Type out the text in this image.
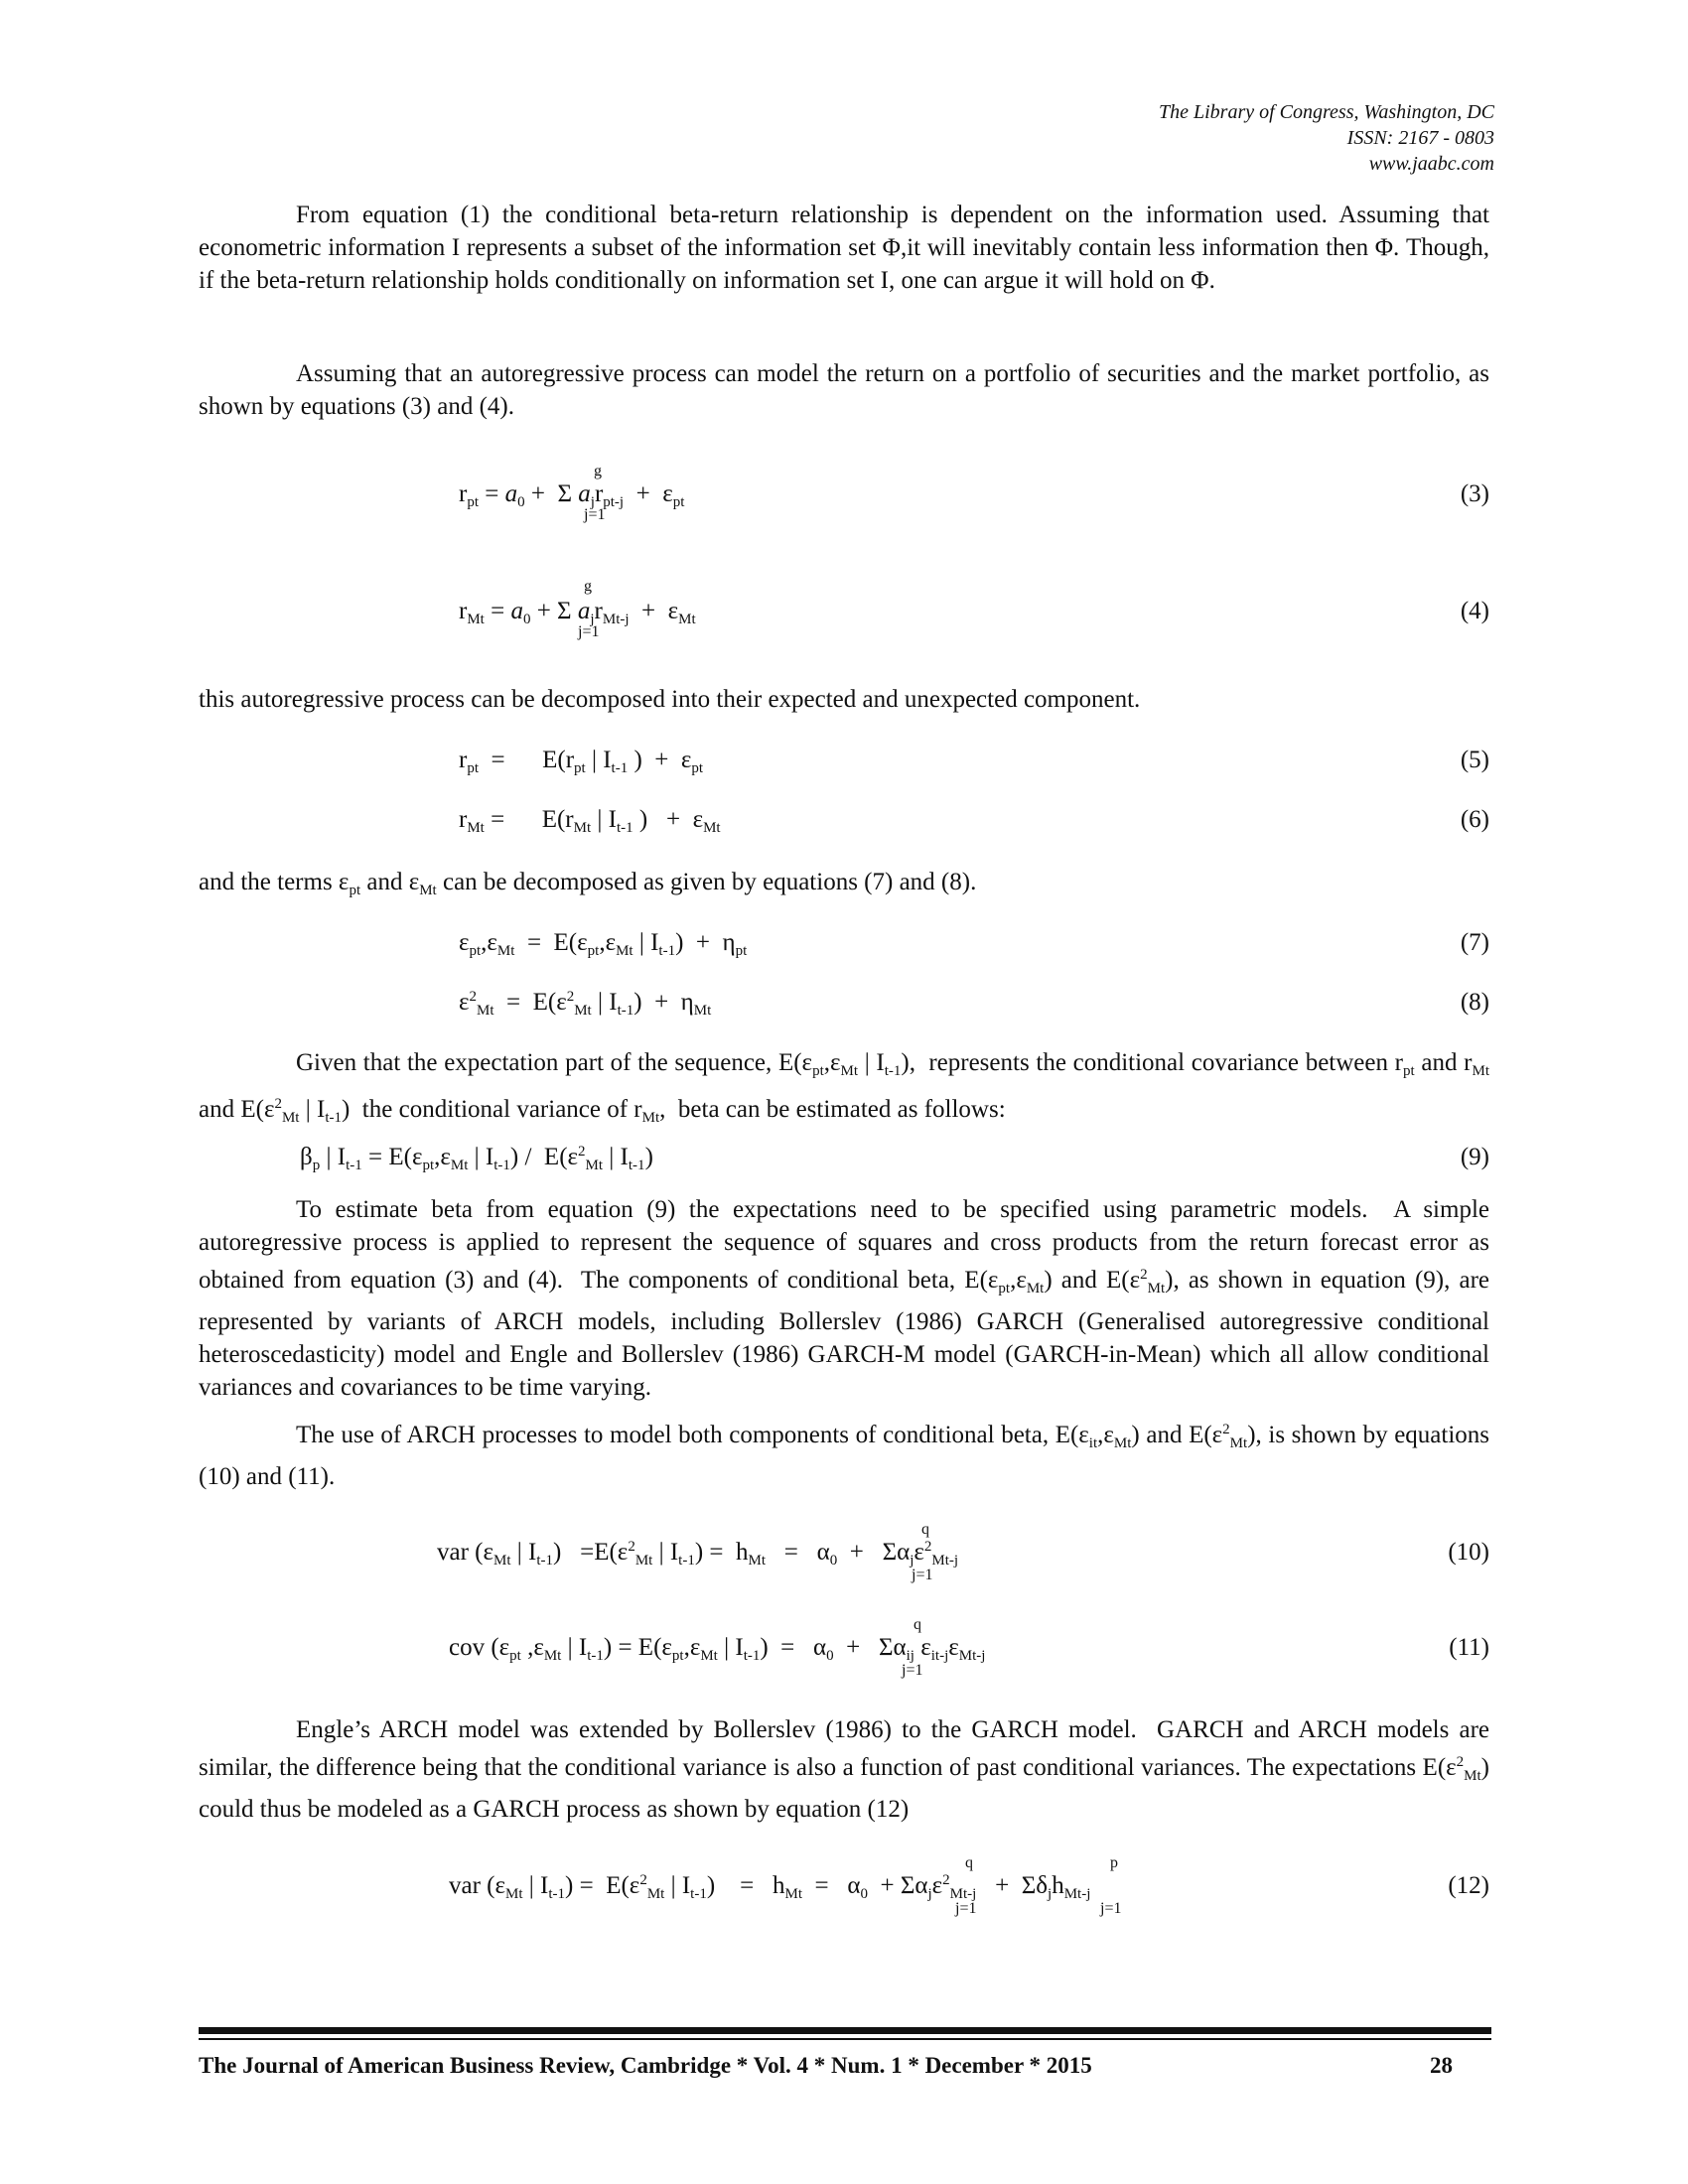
The Library of Congress, Washington, DC
ISSN: 2167 - 0803
www.jaabc.com
From equation (1) the conditional beta-return relationship is dependent on the information used. Assuming that econometric information I represents a subset of the information set Φ,it will inevitably contain less information then Φ. Though, if the beta-return relationship holds conditionally on information set I, one can argue it will hold on Φ.
Assuming that an autoregressive process can model the return on a portfolio of securities and the market portfolio, as shown by equations (3) and (4).
g
$r_{pt} = a_0 + \Sigma$ $a_jr_{pt-j} + \varepsilon_{pt}$
j=1
(3)
g
$r_{Mt} = a_0 + \Sigma$ $a_jr_{Mt-j} + \varepsilon_{Mt}$
j=1
(4)
this autoregressive process can be decomposed into their expected and unexpected component.
$r_{pt}$  =      $E(r_{pt}$ | $I_{t-1}$ )  +  $\varepsilon_{pt}$	(5)
$r_{Mt}$ =      $E(r_{Mt}$ | $I_{t-1}$ )   +  $\varepsilon_{Mt}$	(6)
and the terms $\varepsilon_{pt}$ and $\varepsilon_{Mt}$ can be decomposed as given by equations (7) and (8).
$\varepsilon_{pt},\varepsilon_{Mt} = E(\varepsilon_{pt},\varepsilon_{Mt}$ | $I_{t-1}) + \eta_{pt}$	(7)
$\varepsilon^2_{Mt} = E(\varepsilon^2_{Mt}$ | $I_{t-1}) + \eta_{Mt}$	(8)
Given that the expectation part of the sequence, $E(\varepsilon_{pt},\varepsilon_{Mt}$ | $I_{t-1}$),  represents the conditional covariance between $r_{pt}$ and $r_{Mt}$ and $E(\varepsilon^2_{Mt}$ | $I_{t-1}$)  the conditional variance of $r_{Mt}$,  beta can be estimated as follows:
$\beta_p$ | $I_{t-1} = E(\varepsilon_{pt},\varepsilon_{Mt}$ | $I_{t-1}) / E(\varepsilon^2_{Mt}$ | $I_{t-1}$)	(9)
To estimate beta from equation (9) the expectations need to be specified using parametric models.  A simple autoregressive process is applied to represent the sequence of squares and cross products from the return forecast error as obtained from equation (3) and (4).  The components of conditional beta, $E(\varepsilon_{pt},\varepsilon_{Mt})$ and $E(\varepsilon^2_{Mt})$, as shown in equation (9), are represented by variants of ARCH models, including Bollerslev (1986) GARCH (Generalised autoregressive conditional heteroscedasticity) model and Engle and Bollerslev (1986) GARCH-M model (GARCH-in-Mean) which all allow conditional variances and covariances to be time varying.
The use of ARCH processes to model both components of conditional beta, $E(\varepsilon_{it},\varepsilon_{Mt})$ and $E(\varepsilon^2_{Mt})$, is shown by equations (10) and (11).
q
var ($\varepsilon_{Mt}$ | $I_{t-1}) =E(\varepsilon^2_{Mt}$ | $I_{t-1}) = h_{Mt} = \alpha_0 + \Sigma\alpha_j\varepsilon^2_{Mt-j}$
j=1
(10)
q
cov ($\varepsilon_{pt}$ $,\varepsilon_{Mt}$ | $I_{t-1}) = E(\varepsilon_{pt},\varepsilon_{Mt}$ | $I_{t-1}) = \alpha_0 + \Sigma\alpha_{ij}$ $\varepsilon_{it-j}\varepsilon_{Mt-j}$
j=1
(11)
Engle’s ARCH model was extended by Bollerslev (1986) to the GARCH model.  GARCH and ARCH models are similar, the difference being that the conditional variance is also a function of past conditional variances. The expectations $E(\varepsilon^2_{Mt})$ could thus be modeled as a GARCH process as shown by equation (12)
q	p
var ($\varepsilon_{Mt}$ | $I_{t-1}) = E(\varepsilon^2_{Mt}$ | $I_{t-1}$)    =   $h_{Mt} = \alpha_0 + \Sigma\alpha_j\varepsilon^2_{Mt-j} + \Sigma\delta_jh_{Mt-j}$
j=1	j=1
(12)
The Journal of American Business Review, Cambridge * Vol. 4 * Num. 1 * December * 2015	28
